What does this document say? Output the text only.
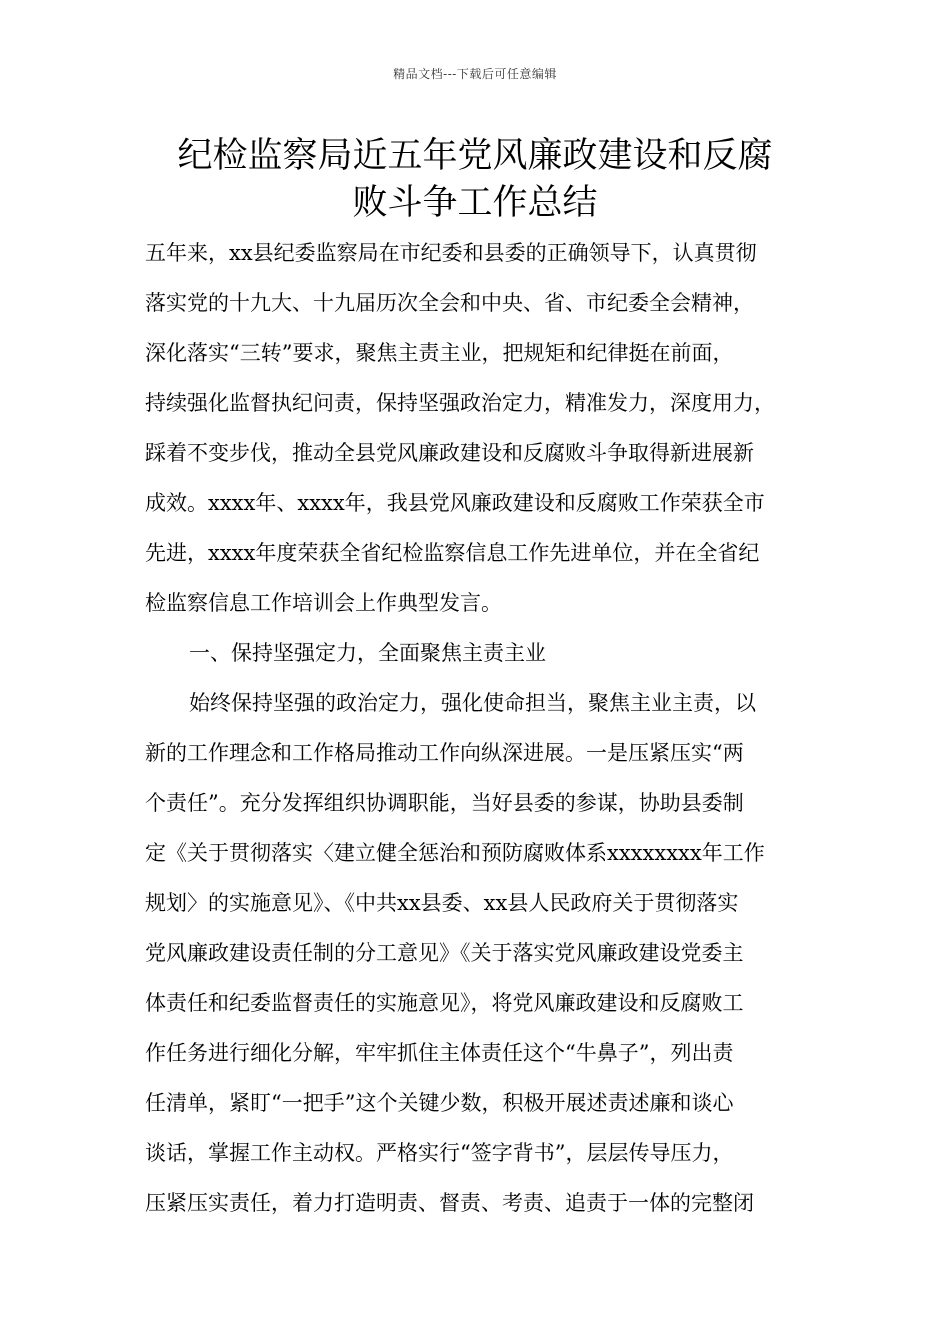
精品文档---下载后可任意编辑
纪检监察局近五年党风廉政建设和反腐
败斗争工作总结

五年来，xx县纪委监察局在市纪委和县委的正确领导下，认真贯彻
落实党的十九大、十九届历次全会和中央、省、市纪委全会精神，
深化落实“三转”要求，聚焦主责主业，把规矩和纪律挺在前面，
持续强化监督执纪问责，保持坚强政治定力，精准发力，深度用力，
踩着不变步伐，推动全县党风廉政建设和反腐败斗争取得新进展新
成效。xxxx年、xxxx年，我县党风廉政建设和反腐败工作荣获全市
先进，xxxx年度荣获全省纪检监察信息工作先进单位，并在全省纪
检监察信息工作培训会上作典型发言。

一、保持坚强定力，全面聚焦主责主业

始终保持坚强的政治定力，强化使命担当，聚焦主业主责，以
新的工作理念和工作格局推动工作向纵深进展。一是压紧压实“两
个责任”。充分发挥组织协调职能，当好县委的参谋，协助县委制
定《关于贯彻落实〈建立健全惩治和预防腐败体系xxxxxxxx年工作
规划〉的实施意见》、《中共xx县委、xx县人民政府关于贯彻落实
党风廉政建设责任制的分工意见》《关于落实党风廉政建设党委主
体责任和纪委监督责任的实施意见》，将党风廉政建设和反腐败工
作任务进行细化分解，牢牢抓住主体责任这个“牛鼻子”，列出责
任清单，紧盯“一把手”这个关键少数，积极开展述责述廉和谈心
谈话，掌握工作主动权。严格实行“签字背书”，层层传导压力，
压紧压实责任，着力打造明责、督责、考责、追责于一体的完整闭
